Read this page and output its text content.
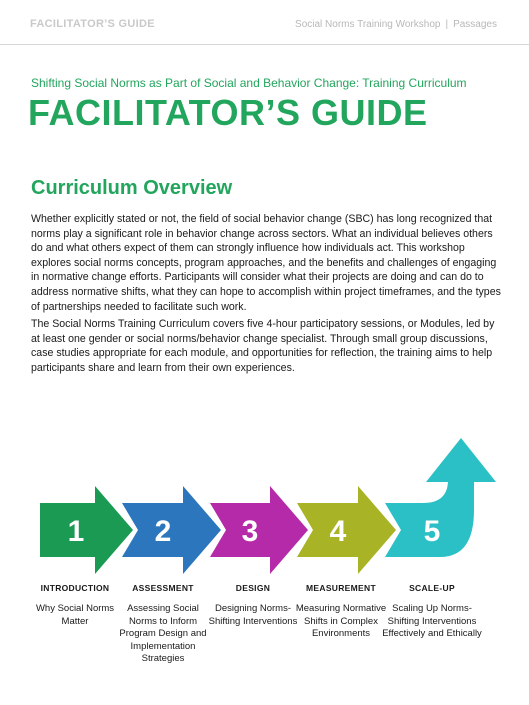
FACILITATOR’S GUIDE	Social Norms Training Workshop | Passages
Shifting Social Norms as Part of Social and Behavior Change: Training Curriculum
FACILITATOR’S GUIDE
Curriculum Overview

Whether explicitly stated or not, the field of social behavior change (SBC) has long recognized that norms play a significant role in behavior change across sectors. What an individual believes others do and what others expect of them can strongly influence how individuals act. This workshop explores social norms concepts, program approaches, and the benefits and challenges of engaging in normative change efforts. Participants will consider what their projects are doing and can do to address normative shifts, what they can hope to accomplish within project timeframes, and the types of partnerships needed to facilitate such work.

The Social Norms Training Curriculum covers five 4-hour participatory sessions, or Modules, led by at least one gender or social norms/behavior change specialist. Through small group discussions, case studies appropriate for each module, and opportunities for reflection, the training aims to help participants share and learn from their own experiences.

1 2 3 4	5
INTRODUCTION
Why Social Norms Matter
ASSESSMENT
Assessing Social Norms to Inform Program Design and Implementation Strategies
DESIGN
Designing Norms-Shifting Interventions
MEASUREMENT
Measuring Normative Shifts in Complex Environments
SCALE-UP
Scaling Up Norms-Shifting Interventions Effectively and Ethically
